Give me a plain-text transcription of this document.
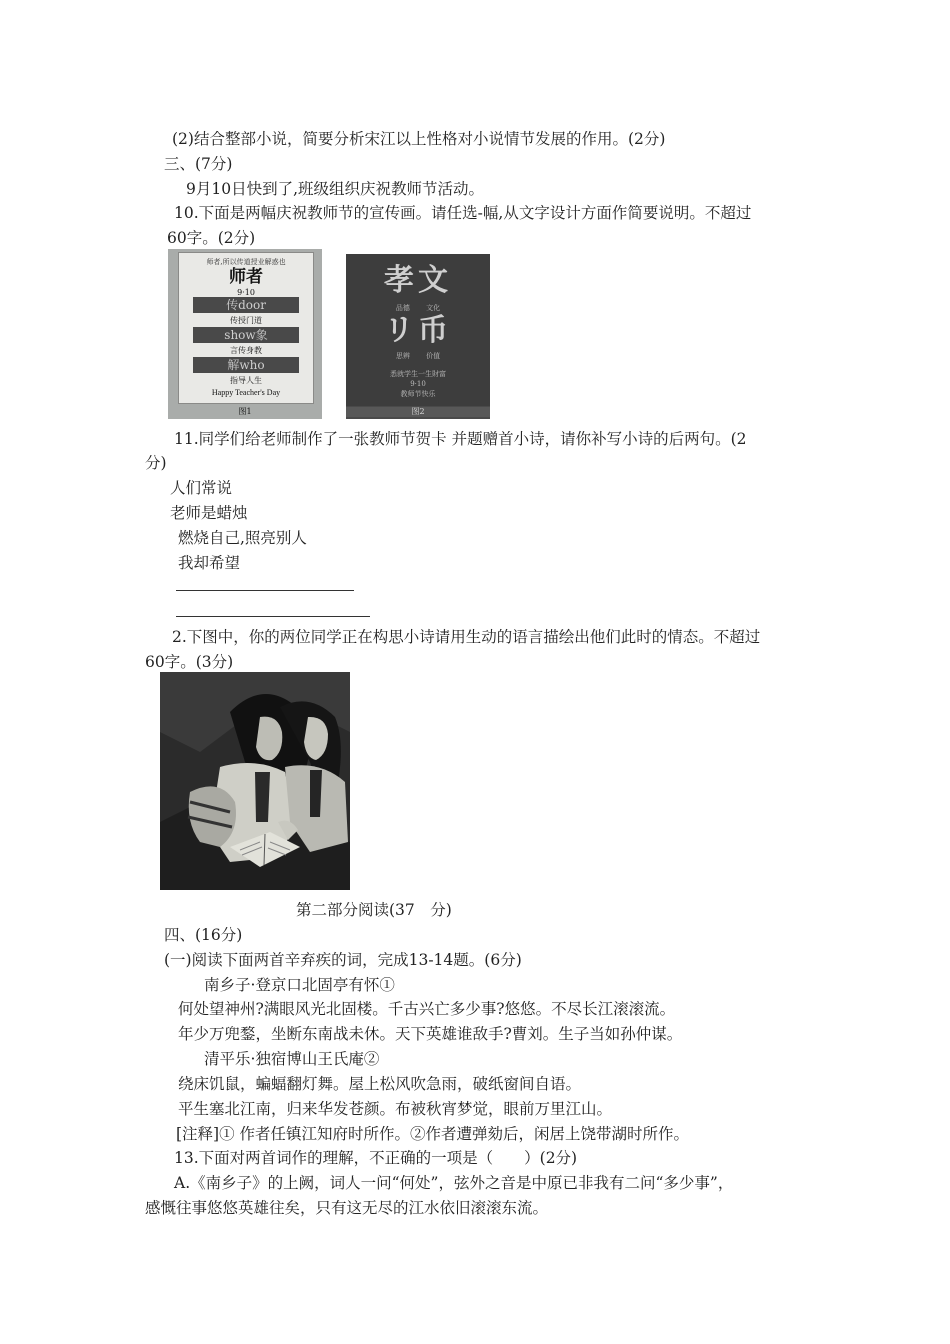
(2)结合整部小说，简要分析宋江以上性格对小说情节发展的作用。(2分)
三、(7分)
9月10日快到了,班级组织庆祝教师节活动。
10.下面是两幅庆祝教师节的宣传画。请任选-幅,从文字设计方面作简要说明。不超过
60字。(2分)
师者,所以传道授业解惑也
师者
9·10
传door
传授门道
show象
言传身教
解who
指导人生
Happy Teacher's Day
图1
孝文
品德 文化
リ币
思辨 价值
悉就学生一生財富
9·10
教师节快乐
图2
11.同学们给老师制作了一张教师节贺卡 并题赠首小诗，请你补写小诗的后两句。(2
分)
人们常说
老师是蜡烛
燃烧自己,照亮别人
我却希望
2.下图中，你的两位同学正在构思小诗请用生动的语言描绘出他们此时的情态。不超过
60字。(3分)
第二部分阅读(37　分)
四、(16分)
(一)阅读下面两首辛弃疾的词，完成13-14题。(6分)
南乡子·登京口北固亭有怀①
何处望神州?满眼风光北固楼。千古兴亡多少事?悠悠。不尽长江滚滚流。
年少万兜鍪，坐断东南战未休。天下英雄谁敌手?曹刘。生子当如孙仲谋。
清平乐·独宿博山王氏庵②
绕床饥鼠，蝙蝠翻灯舞。屋上松风吹急雨，破纸窗间自语。
平生塞北江南，归来华发苍颜。布被秋宵梦觉，眼前万里江山。
[注释]① 作者任镇江知府时所作。②作者遭弹劾后，闲居上饶带湖时所作。
13.下面对两首词作的理解，不正确的一项是（　　）(2分)
A.《南乡子》的上阙，词人一问“何处”，弦外之音是中原已非我有二问“多少事”，
感慨往事悠悠英雄往矣，只有这无尽的江水依旧滚滚东流。
